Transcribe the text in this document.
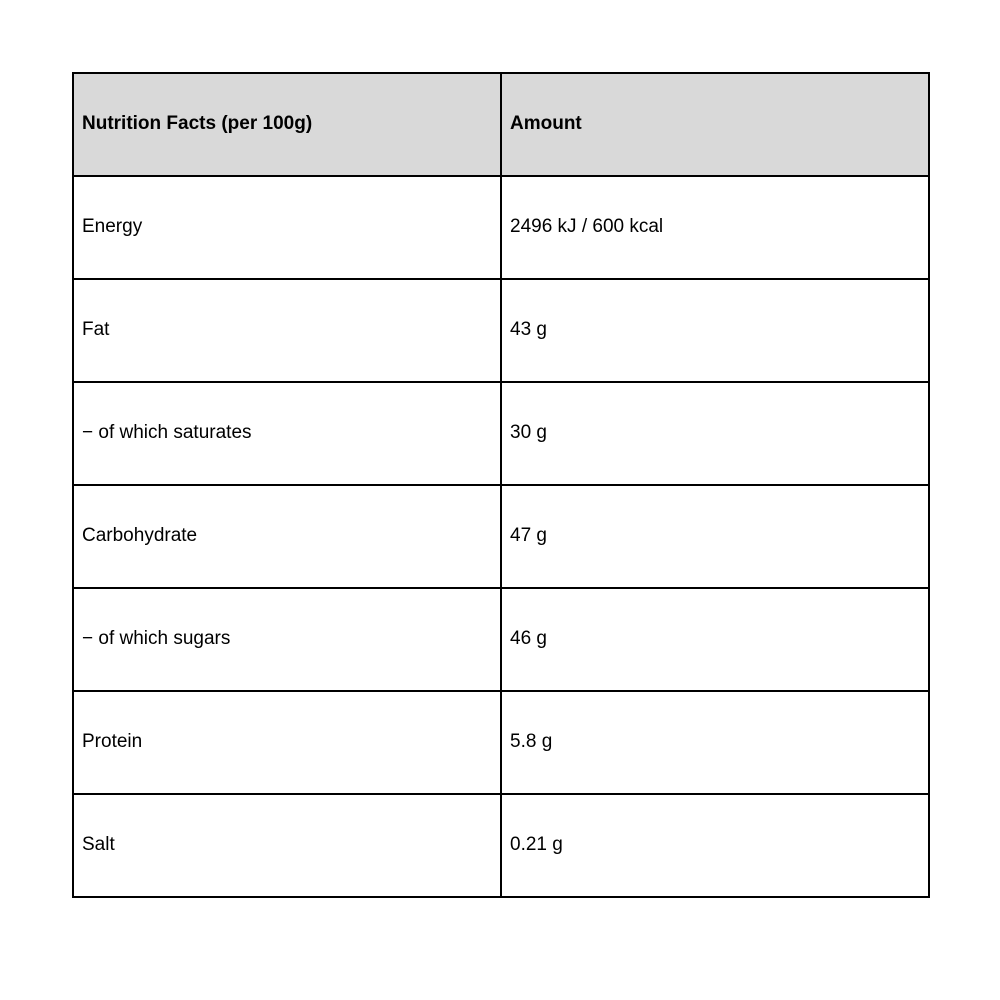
Nutrition Facts (per 100g)	Amount
Energy	2496 kJ / 600 kcal
Fat	43 g
− of which saturates	30 g
Carbohydrate	47 g
− of which sugars	46 g
Protein	5.8 g
Salt	0.21 g
